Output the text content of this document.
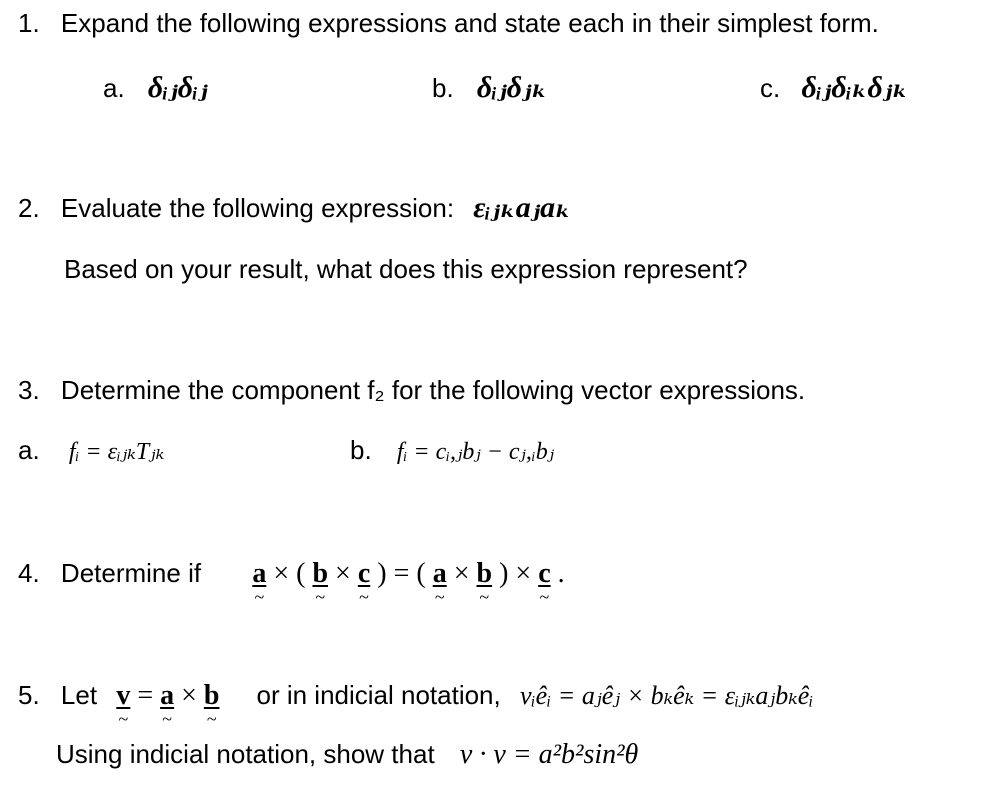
1. Expand the following expressions and state each in their simplest form.
a. δᵢⱼδᵢⱼ	b. δᵢⱼδⱼₖ	c. δᵢⱼδᵢₖδⱼₖ
2. Evaluate the following expression: εᵢⱼₖaⱼaₖ
Based on your result, what does this expression represent?
3. Determine the component f₂ for the following vector expressions.
a. fᵢ = εᵢⱼₖTⱼₖ	b. fᵢ = cᵢ,ⱼbⱼ − cⱼ,ᵢbⱼ
4. Determine if a ~ × ( b ~ × c ~ ) = ( a ~ × b ~ ) × c ~ .
5. Let v ~ = a ~ × b ~ or in indicial notation, vᵢêᵢ = aⱼêⱼ × bₖêₖ = εᵢⱼₖaⱼbₖêᵢ
Using indicial notation, show that v · v = a²b²sin²θ
